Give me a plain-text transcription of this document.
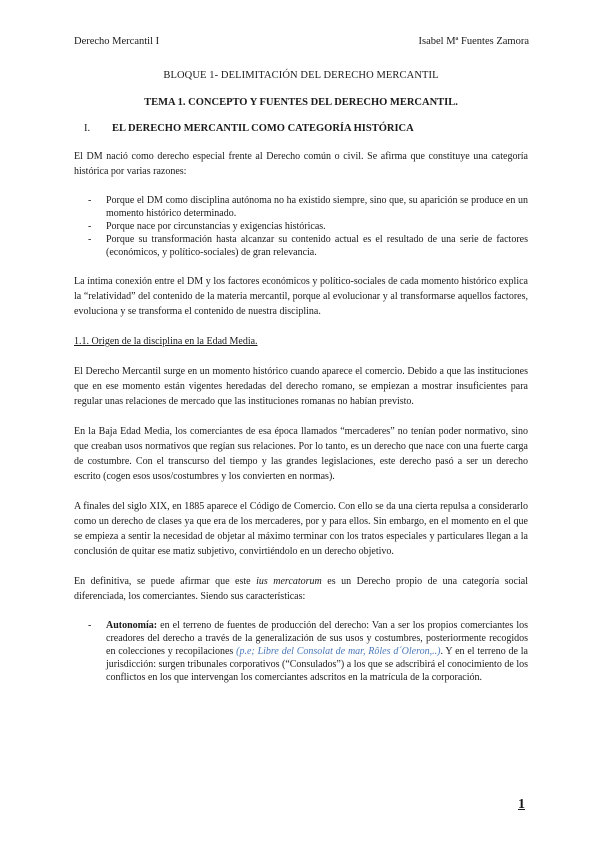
Derecho Mercantil I	Isabel Mª Fuentes Zamora
BLOQUE 1- DELIMITACIÓN DEL DERECHO MERCANTIL
TEMA 1. CONCEPTO Y FUENTES DEL DERECHO MERCANTIL.
I.	EL DERECHO MERCANTIL COMO CATEGORÍA HISTÓRICA

El DM nació como derecho especial frente al Derecho común o civil. Se afirma que constituye una categoría histórica por varias razones:

-	Porque el DM como disciplina autónoma no ha existido siempre, sino que, su aparición se produce en un momento histórico determinado.
-	Porque nace por circunstancias y exigencias históricas.
-	Porque su transformación hasta alcanzar su contenido actual es el resultado de una serie de factores (económicos, y político-sociales) de gran relevancia.

La íntima conexión entre el DM y los factores económicos y político-sociales de cada momento histórico explica la “relatividad” del contenido de la materia mercantil, porque al evolucionar y al transformarse aquellos factores, evoluciona y se transforma el contenido de nuestra disciplina.

1.1. Origen de la disciplina en la Edad Media.

El Derecho Mercantil surge en un momento histórico cuando aparece el comercio. Debido a que las instituciones que en ese momento están vigentes heredadas del derecho romano, se empiezan a mostrar insuficientes para regular unas relaciones de mercado que las instituciones romanas no habían previsto.

En la Baja Edad Media, los comerciantes de esa época llamados “mercaderes” no tenían poder normativo, sino que creaban usos normativos que regían sus relaciones. Por lo tanto, es un derecho que nace con una fuerte carga de costumbre. Con el transcurso del tiempo y las grandes legislaciones, este derecho pasó a ser un derecho escrito (cogen esos usos/costumbres y los convierten en normas).

A finales del siglo XIX, en 1885 aparece el Código de Comercio. Con ello se da una cierta repulsa a considerarlo como un derecho de clases ya que era de los mercaderes, por y para ellos. Sin embargo, en el momento en el que se empieza a sentir la necesidad de objetar al máximo terminar con los tratos especiales y particulares llegan a la conclusión de quitar ese matiz subjetivo, convirtiéndolo en un derecho objetivo.

En definitiva, se puede afirmar que este ius mercatorum es un Derecho propio de una categoría social diferenciada, los comerciantes. Siendo sus características:

-	Autonomía: en el terreno de fuentes de producción del derecho: Van a ser los propios comerciantes los creadores del derecho a través de la generalización de sus usos y costumbres, posteriormente recogidos en colecciones y recopilaciones (p.e; Libre del Consolat de mar, Rôles d´Oleron,..). Y en el terreno de la jurisdicción: surgen tribunales corporativos (“Consulados”) a los que se adscribirá el conocimiento de los conflictos en los que intervengan los comerciantes adscritos en la matrícula de la corporación.
1
